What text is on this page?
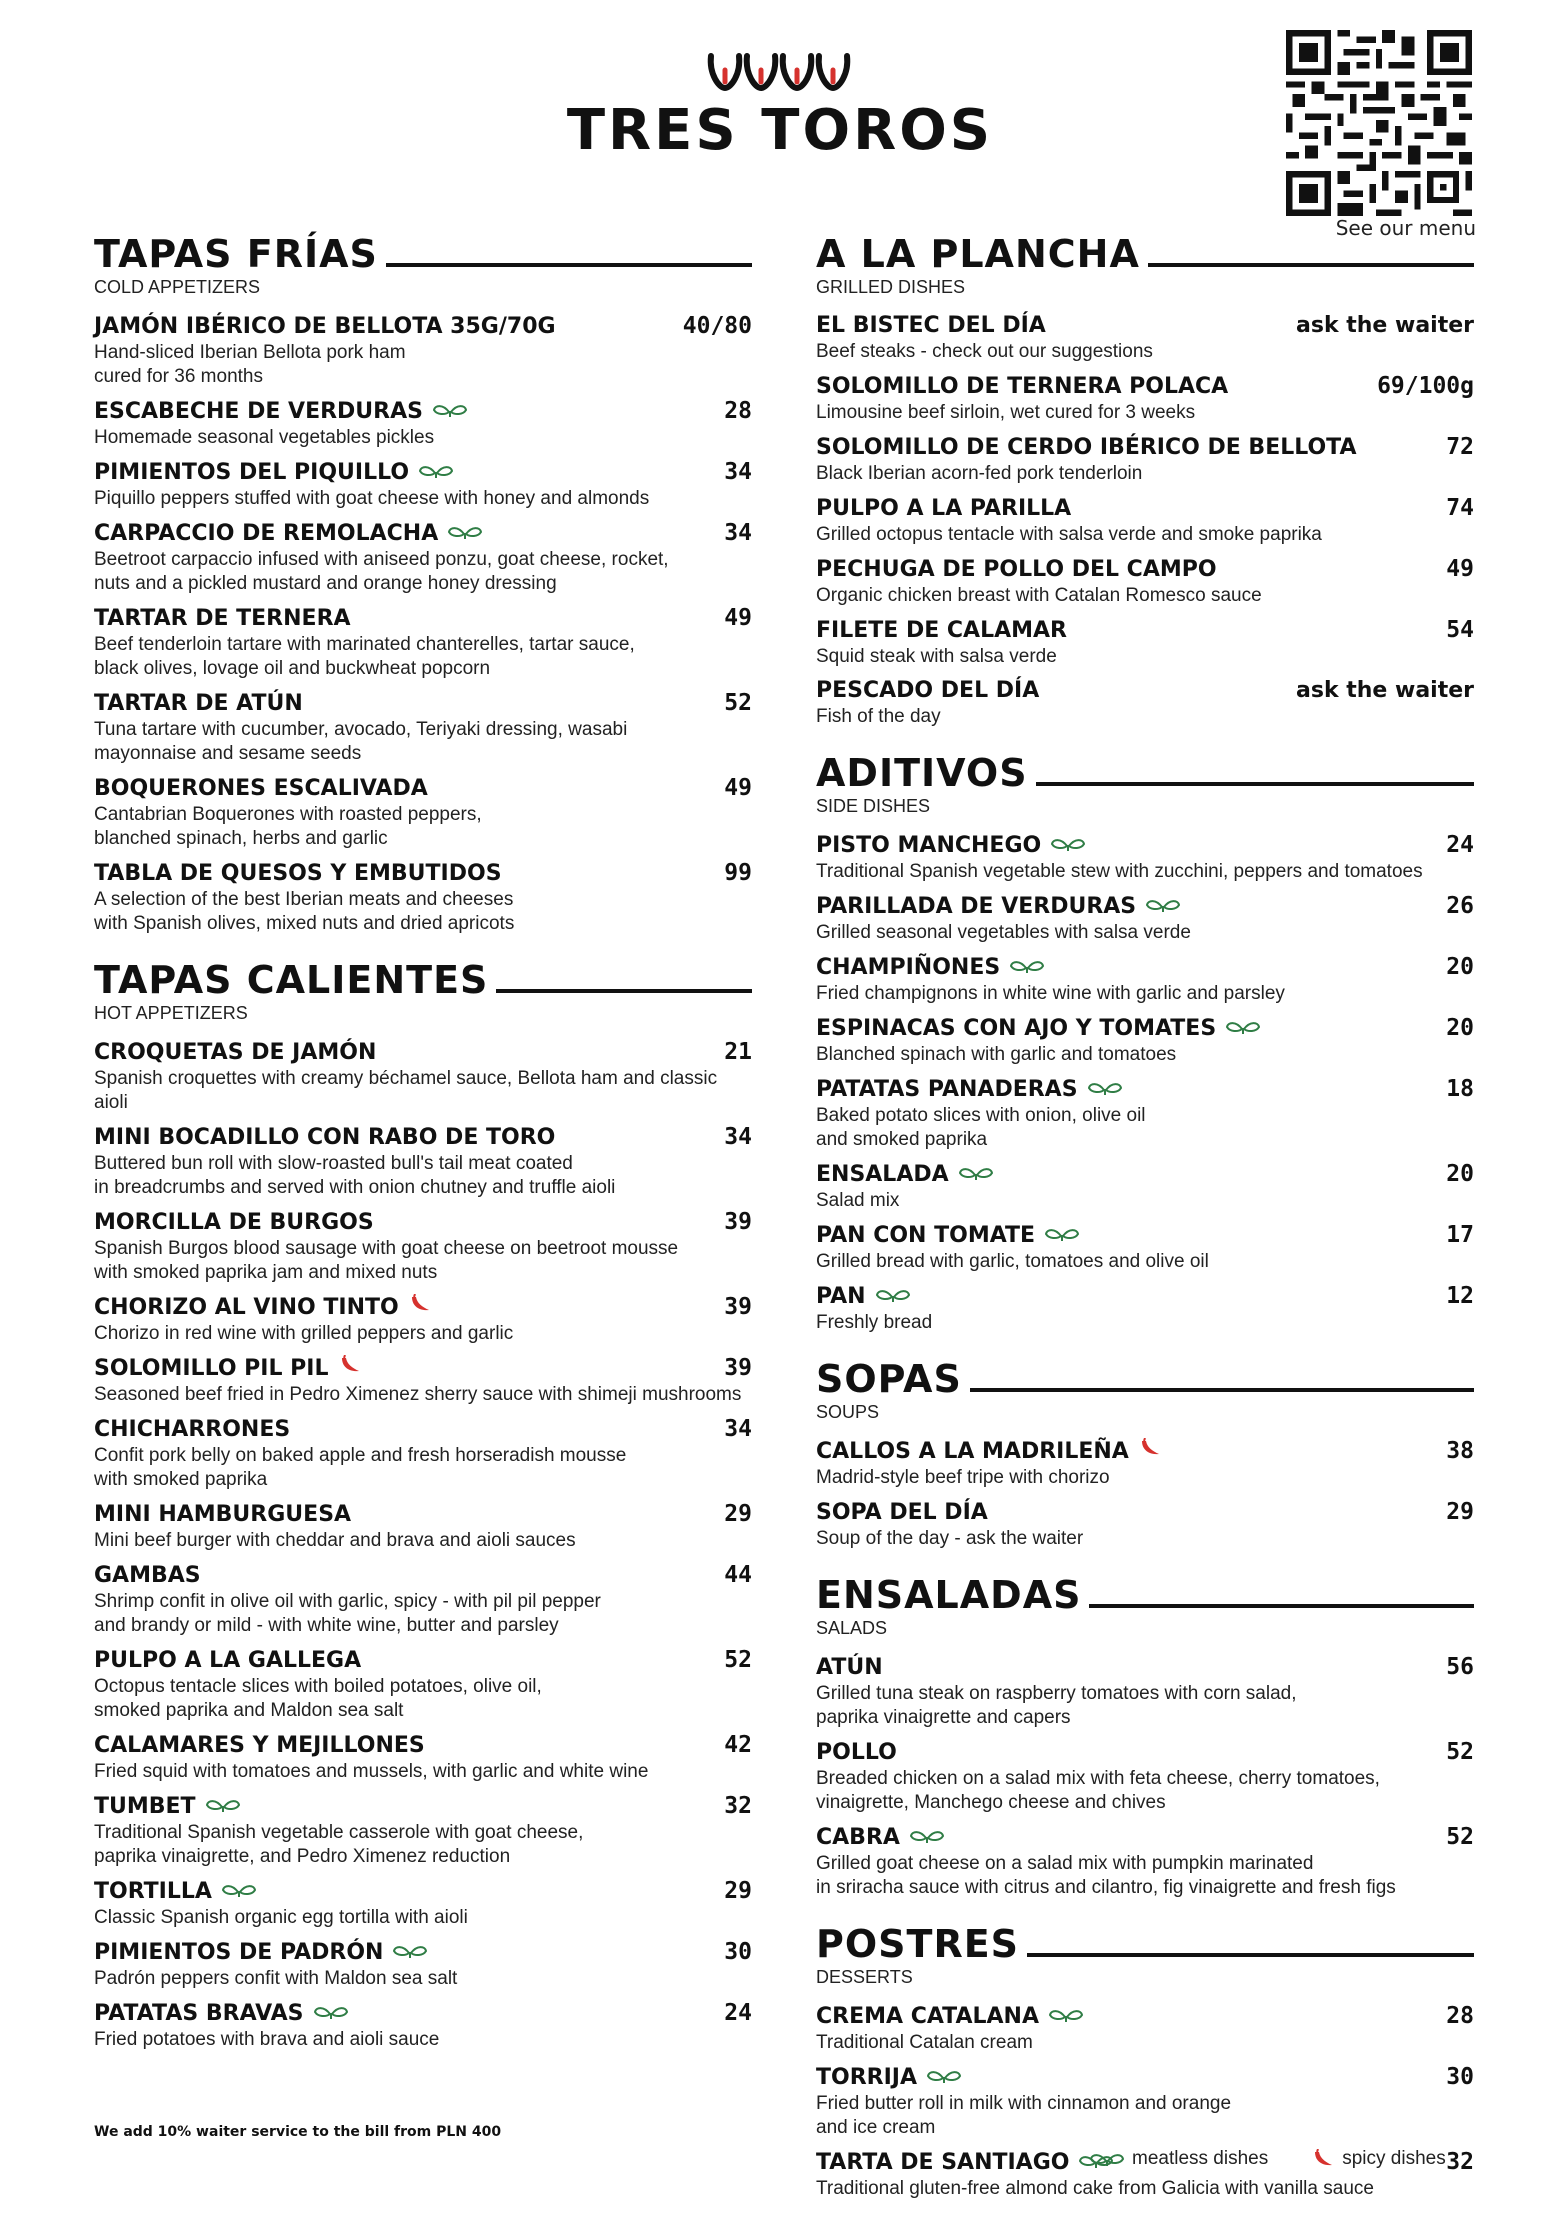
TRES TOROS
See our menu
TAPAS FRÍAS
COLD APPETIZERS
JAMÓN IBÉRICO DE BELLOTA 35G/70G	40/80
Hand-sliced Iberian Bellota pork ham
cured for 36 months
ESCABECHE DE VERDURAS	28
Homemade seasonal vegetables pickles
PIMIENTOS DEL PIQUILLO	34
Piquillo peppers stuffed with goat cheese with honey and almonds
CARPACCIO DE REMOLACHA	34
Beetroot carpaccio infused with aniseed ponzu, goat cheese, rocket,
nuts and a pickled mustard and orange honey dressing
TARTAR DE TERNERA	49
Beef tenderloin tartare with marinated chanterelles, tartar sauce,
black olives, lovage oil and buckwheat popcorn
TARTAR DE ATÚN	52
Tuna tartare with cucumber, avocado, Teriyaki dressing, wasabi
mayonnaise and sesame seeds
BOQUERONES ESCALIVADA	49
Cantabrian Boquerones with roasted peppers,
blanched spinach, herbs and garlic
TABLA DE QUESOS Y EMBUTIDOS	99
A selection of the best Iberian meats and cheeses
with Spanish olives, mixed nuts and dried apricots
TAPAS CALIENTES
HOT APPETIZERS
CROQUETAS DE JAMÓN	21
Spanish croquettes with creamy béchamel sauce, Bellota ham and classic aioli
MINI BOCADILLO CON RABO DE TORO	34
Buttered bun roll with slow-roasted bull's tail meat coated
in breadcrumbs and served with onion chutney and truffle aioli
MORCILLA DE BURGOS	39
Spanish Burgos blood sausage with goat cheese on beetroot mousse
with smoked paprika jam and mixed nuts
CHORIZO AL VINO TINTO	39
Chorizo in red wine with grilled peppers and garlic
SOLOMILLO PIL PIL	39
Seasoned beef fried in Pedro Ximenez sherry sauce with shimeji mushrooms
CHICHARRONES	34
Confit pork belly on baked apple and fresh horseradish mousse
with smoked paprika
MINI HAMBURGUESA	29
Mini beef burger with cheddar and brava and aioli sauces
GAMBAS	44
Shrimp confit in olive oil with garlic, spicy - with pil pil pepper
and brandy or mild - with white wine, butter and parsley
PULPO A LA GALLEGA	52
Octopus tentacle slices with boiled potatoes, olive oil,
smoked paprika and Maldon sea salt
CALAMARES Y MEJILLONES	42
Fried squid with tomatoes and mussels, with garlic and white wine
TUMBET	32
Traditional Spanish vegetable casserole with goat cheese,
paprika vinaigrette, and Pedro Ximenez reduction
TORTILLA	29
Classic Spanish organic egg tortilla with aioli
PIMIENTOS DE PADRÓN	30
Padrón peppers confit with Maldon sea salt
PATATAS BRAVAS	24
Fried potatoes with brava and aioli sauce
A LA PLANCHA
GRILLED DISHES
EL BISTEC DEL DÍA	ask the waiter
Beef steaks - check out our suggestions
SOLOMILLO DE TERNERA POLACA	69/100g
Limousine beef sirloin, wet cured for 3 weeks
SOLOMILLO DE CERDO IBÉRICO DE BELLOTA	72
Black Iberian acorn-fed pork tenderloin
PULPO A LA PARILLA	74
Grilled octopus tentacle with salsa verde and smoke paprika
PECHUGA DE POLLO DEL CAMPO	49
Organic chicken breast with Catalan Romesco sauce
FILETE DE CALAMAR	54
Squid steak with salsa verde
PESCADO DEL DÍA	ask the waiter
Fish of the day
ADITIVOS
SIDE DISHES
PISTO MANCHEGO	24
Traditional Spanish vegetable stew with zucchini, peppers and tomatoes
PARILLADA DE VERDURAS	26
Grilled seasonal vegetables with salsa verde
CHAMPIÑONES	20
Fried champignons in white wine with garlic and parsley
ESPINACAS CON AJO Y TOMATES	20
Blanched spinach with garlic and tomatoes
PATATAS PANADERAS	18
Baked potato slices with onion, olive oil
and smoked paprika
ENSALADA	20
Salad mix
PAN CON TOMATE	17
Grilled bread with garlic, tomatoes and olive oil
PAN	12
Freshly bread
SOPAS
SOUPS
CALLOS A LA MADRILEÑA	38
Madrid-style beef tripe with chorizo
SOPA DEL DÍA	29
Soup of the day - ask the waiter
ENSALADAS
SALADS
ATÚN	56
Grilled tuna steak on raspberry tomatoes with corn salad,
paprika vinaigrette and capers
POLLO	52
Breaded chicken on a salad mix with feta cheese, cherry tomatoes,
vinaigrette, Manchego cheese and chives
CABRA	52
Grilled goat cheese on a salad mix with pumpkin marinated
in sriracha sauce with citrus and cilantro, fig vinaigrette and fresh figs
POSTRES
DESSERTS
CREMA CATALANA	28
Traditional Catalan cream
TORRIJA	30
Fried butter roll in milk with cinnamon and orange
and ice cream
TARTA DE SANTIAGO	32
Traditional gluten-free almond cake from Galicia with vanilla sauce
We add 10% waiter service to the bill from PLN 400
meatless dishes	spicy dishes
